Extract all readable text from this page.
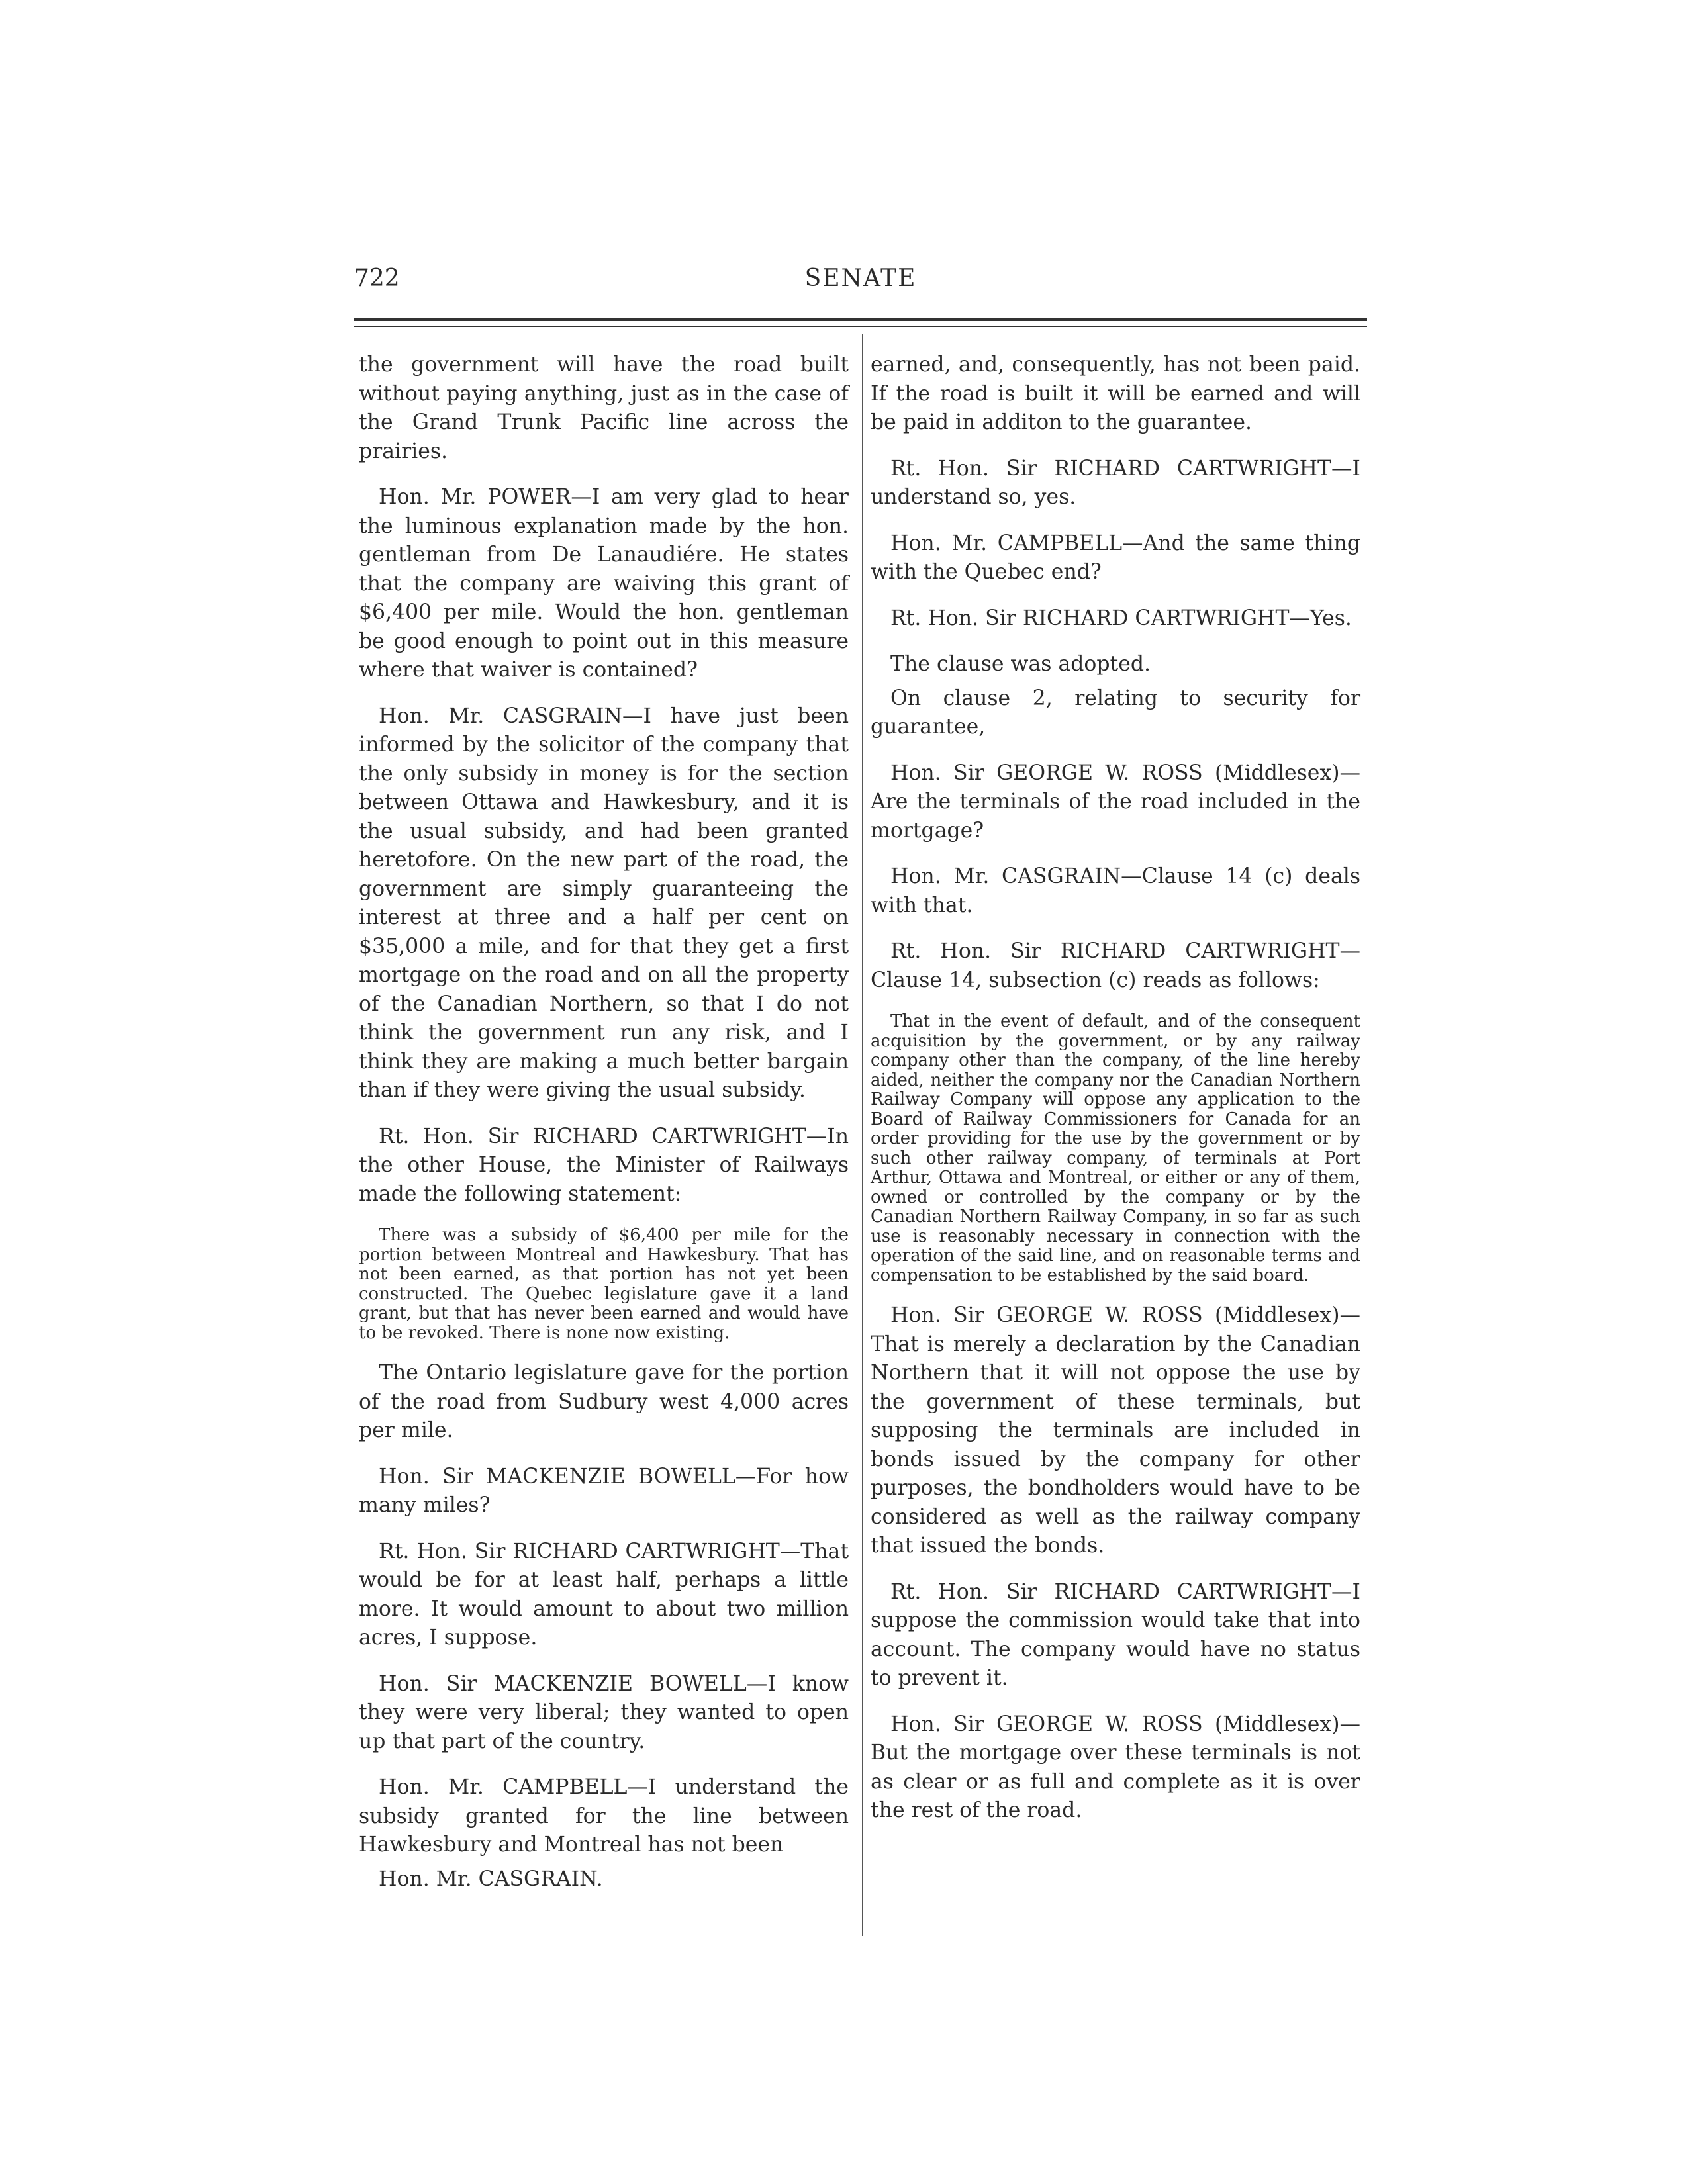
722	SENATE

the government will have the road built without paying anything, just as in the case of the Grand Trunk Pacific line across the prairies.

Hon. Mr. POWER—I am very glad to hear the luminous explanation made by the hon. gentleman from De Lanaudiére. He states that the company are waiving this grant of $6,400 per mile. Would the hon. gentleman be good enough to point out in this measure where that waiver is contained?

Hon. Mr. CASGRAIN—I have just been informed by the solicitor of the company that the only subsidy in money is for the section between Ottawa and Hawkesbury, and it is the usual subsidy, and had been granted heretofore. On the new part of the road, the government are simply guaranteeing the interest at three and a half per cent on $35,000 a mile, and for that they get a first mortgage on the road and on all the property of the Canadian Northern, so that I do not think the government run any risk, and I think they are making a much better bargain than if they were giving the usual subsidy.

Rt. Hon. Sir RICHARD CARTWRIGHT—In the other House, the Minister of Railways made the following statement:

There was a subsidy of $6,400 per mile for the portion between Montreal and Hawkesbury. That has not been earned, as that portion has not yet been constructed. The Quebec legislature gave it a land grant, but that has never been earned and would have to be revoked. There is none now existing.

The Ontario legislature gave for the portion of the road from Sudbury west 4,000 acres per mile.

Hon. Sir MACKENZIE BOWELL—For how many miles?

Rt. Hon. Sir RICHARD CARTWRIGHT—That would be for at least half, perhaps a little more. It would amount to about two million acres, I suppose.

Hon. Sir MACKENZIE BOWELL—I know they were very liberal; they wanted to open up that part of the country.

Hon. Mr. CAMPBELL—I understand the subsidy granted for the line between Hawkesbury and Montreal has not been

Hon. Mr. CASGRAIN.

earned, and, consequently, has not been paid. If the road is built it will be earned and will be paid in additon to the guarantee.

Rt. Hon. Sir RICHARD CARTWRIGHT—I understand so, yes.

Hon. Mr. CAMPBELL—And the same thing with the Quebec end?

Rt. Hon. Sir RICHARD CARTWRIGHT—Yes.

The clause was adopted.

On clause 2, relating to security for guarantee,

Hon. Sir GEORGE W. ROSS (Middlesex)—Are the terminals of the road included in the mortgage?

Hon. Mr. CASGRAIN—Clause 14 (c) deals with that.

Rt. Hon. Sir RICHARD CARTWRIGHT—Clause 14, subsection (c) reads as follows:

That in the event of default, and of the consequent acquisition by the government, or by any railway company other than the company, of the line hereby aided, neither the company nor the Canadian Northern Railway Company will oppose any application to the Board of Railway Commissioners for Canada for an order providing for the use by the government or by such other railway company, of terminals at Port Arthur, Ottawa and Montreal, or either or any of them, owned or controlled by the company or by the Canadian Northern Railway Company, in so far as such use is reasonably necessary in connection with the operation of the said line, and on reasonable terms and compensation to be established by the said board.

Hon. Sir GEORGE W. ROSS (Middlesex)—That is merely a declaration by the Canadian Northern that it will not oppose the use by the government of these terminals, but supposing the terminals are included in bonds issued by the company for other purposes, the bondholders would have to be considered as well as the railway company that issued the bonds.

Rt. Hon. Sir RICHARD CARTWRIGHT—I suppose the commission would take that into account. The company would have no status to prevent it.

Hon. Sir GEORGE W. ROSS (Middlesex)—But the mortgage over these terminals is not as clear or as full and complete as it is over the rest of the road.
